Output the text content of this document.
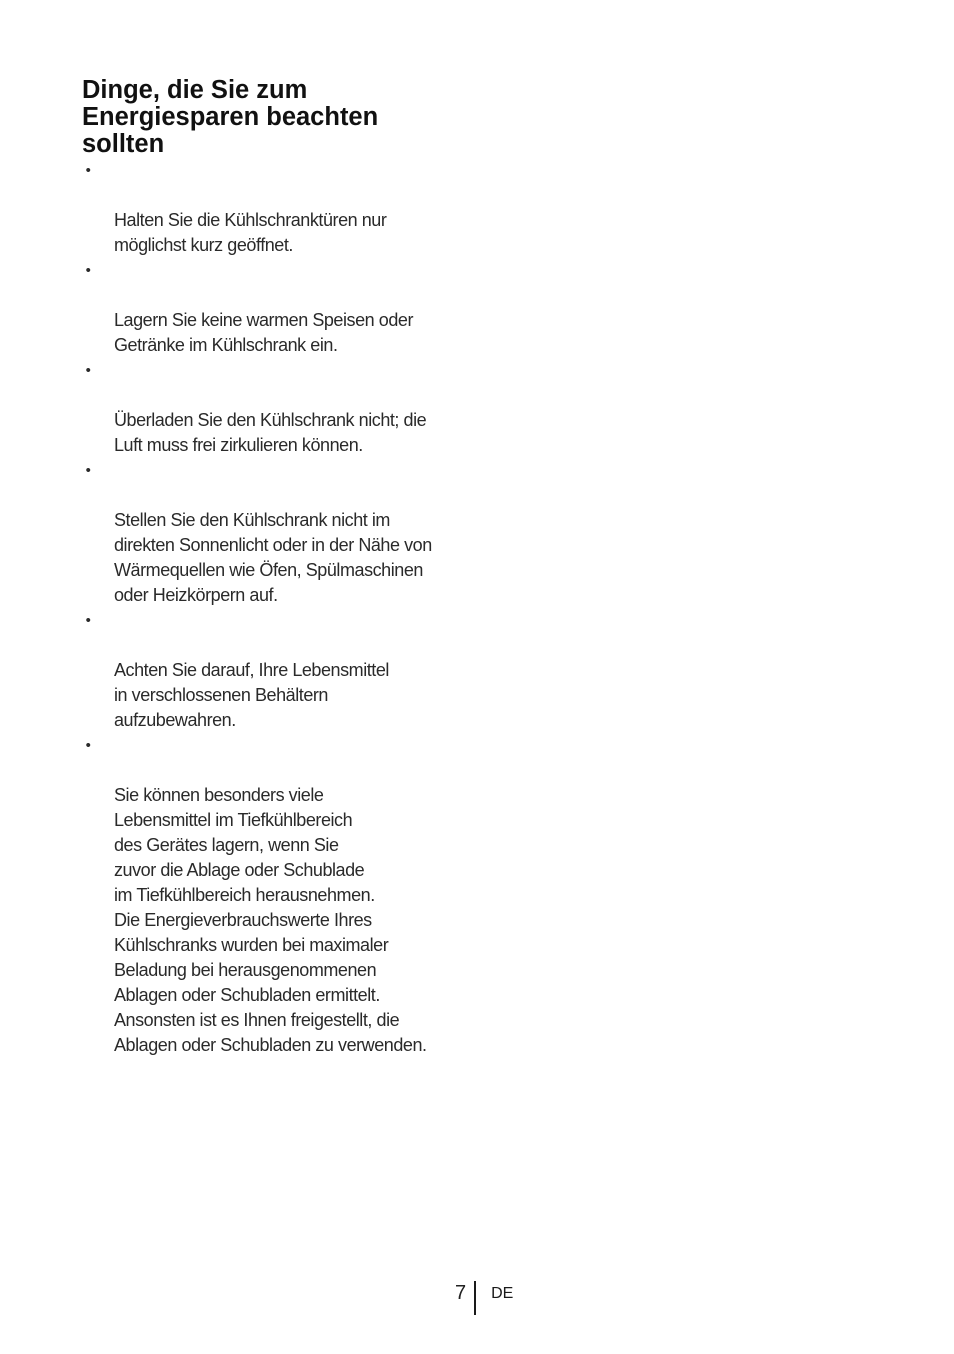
Dinge, die Sie zum
Energiesparen beachten
sollten

•

Halten Sie die Kühlschranktüren nur
möglichst kurz geöffnet.

•

Lagern Sie keine warmen Speisen oder
Getränke im Kühlschrank ein.

•

Überladen Sie den Kühlschrank nicht; die
Luft muss frei zirkulieren können.

•

Stellen Sie den Kühlschrank nicht im
direkten Sonnenlicht oder in der Nähe von
Wärmequellen wie Öfen, Spülmaschinen
oder Heizkörpern auf.

•

Achten Sie darauf, Ihre Lebensmittel
in verschlossenen Behältern
aufzubewahren.

•

Sie können besonders viele
Lebensmittel im Tiefkühlbereich
des Gerätes lagern, wenn Sie
zuvor die Ablage oder Schublade
im Tiefkühlbereich herausnehmen.
Die Energieverbrauchswerte Ihres
Kühlschranks wurden bei maximaler
Beladung bei herausgenommenen
Ablagen oder Schubladen ermittelt.
Ansonsten ist es Ihnen freigestellt, die
Ablagen oder Schubladen zu verwenden.

7 DE
